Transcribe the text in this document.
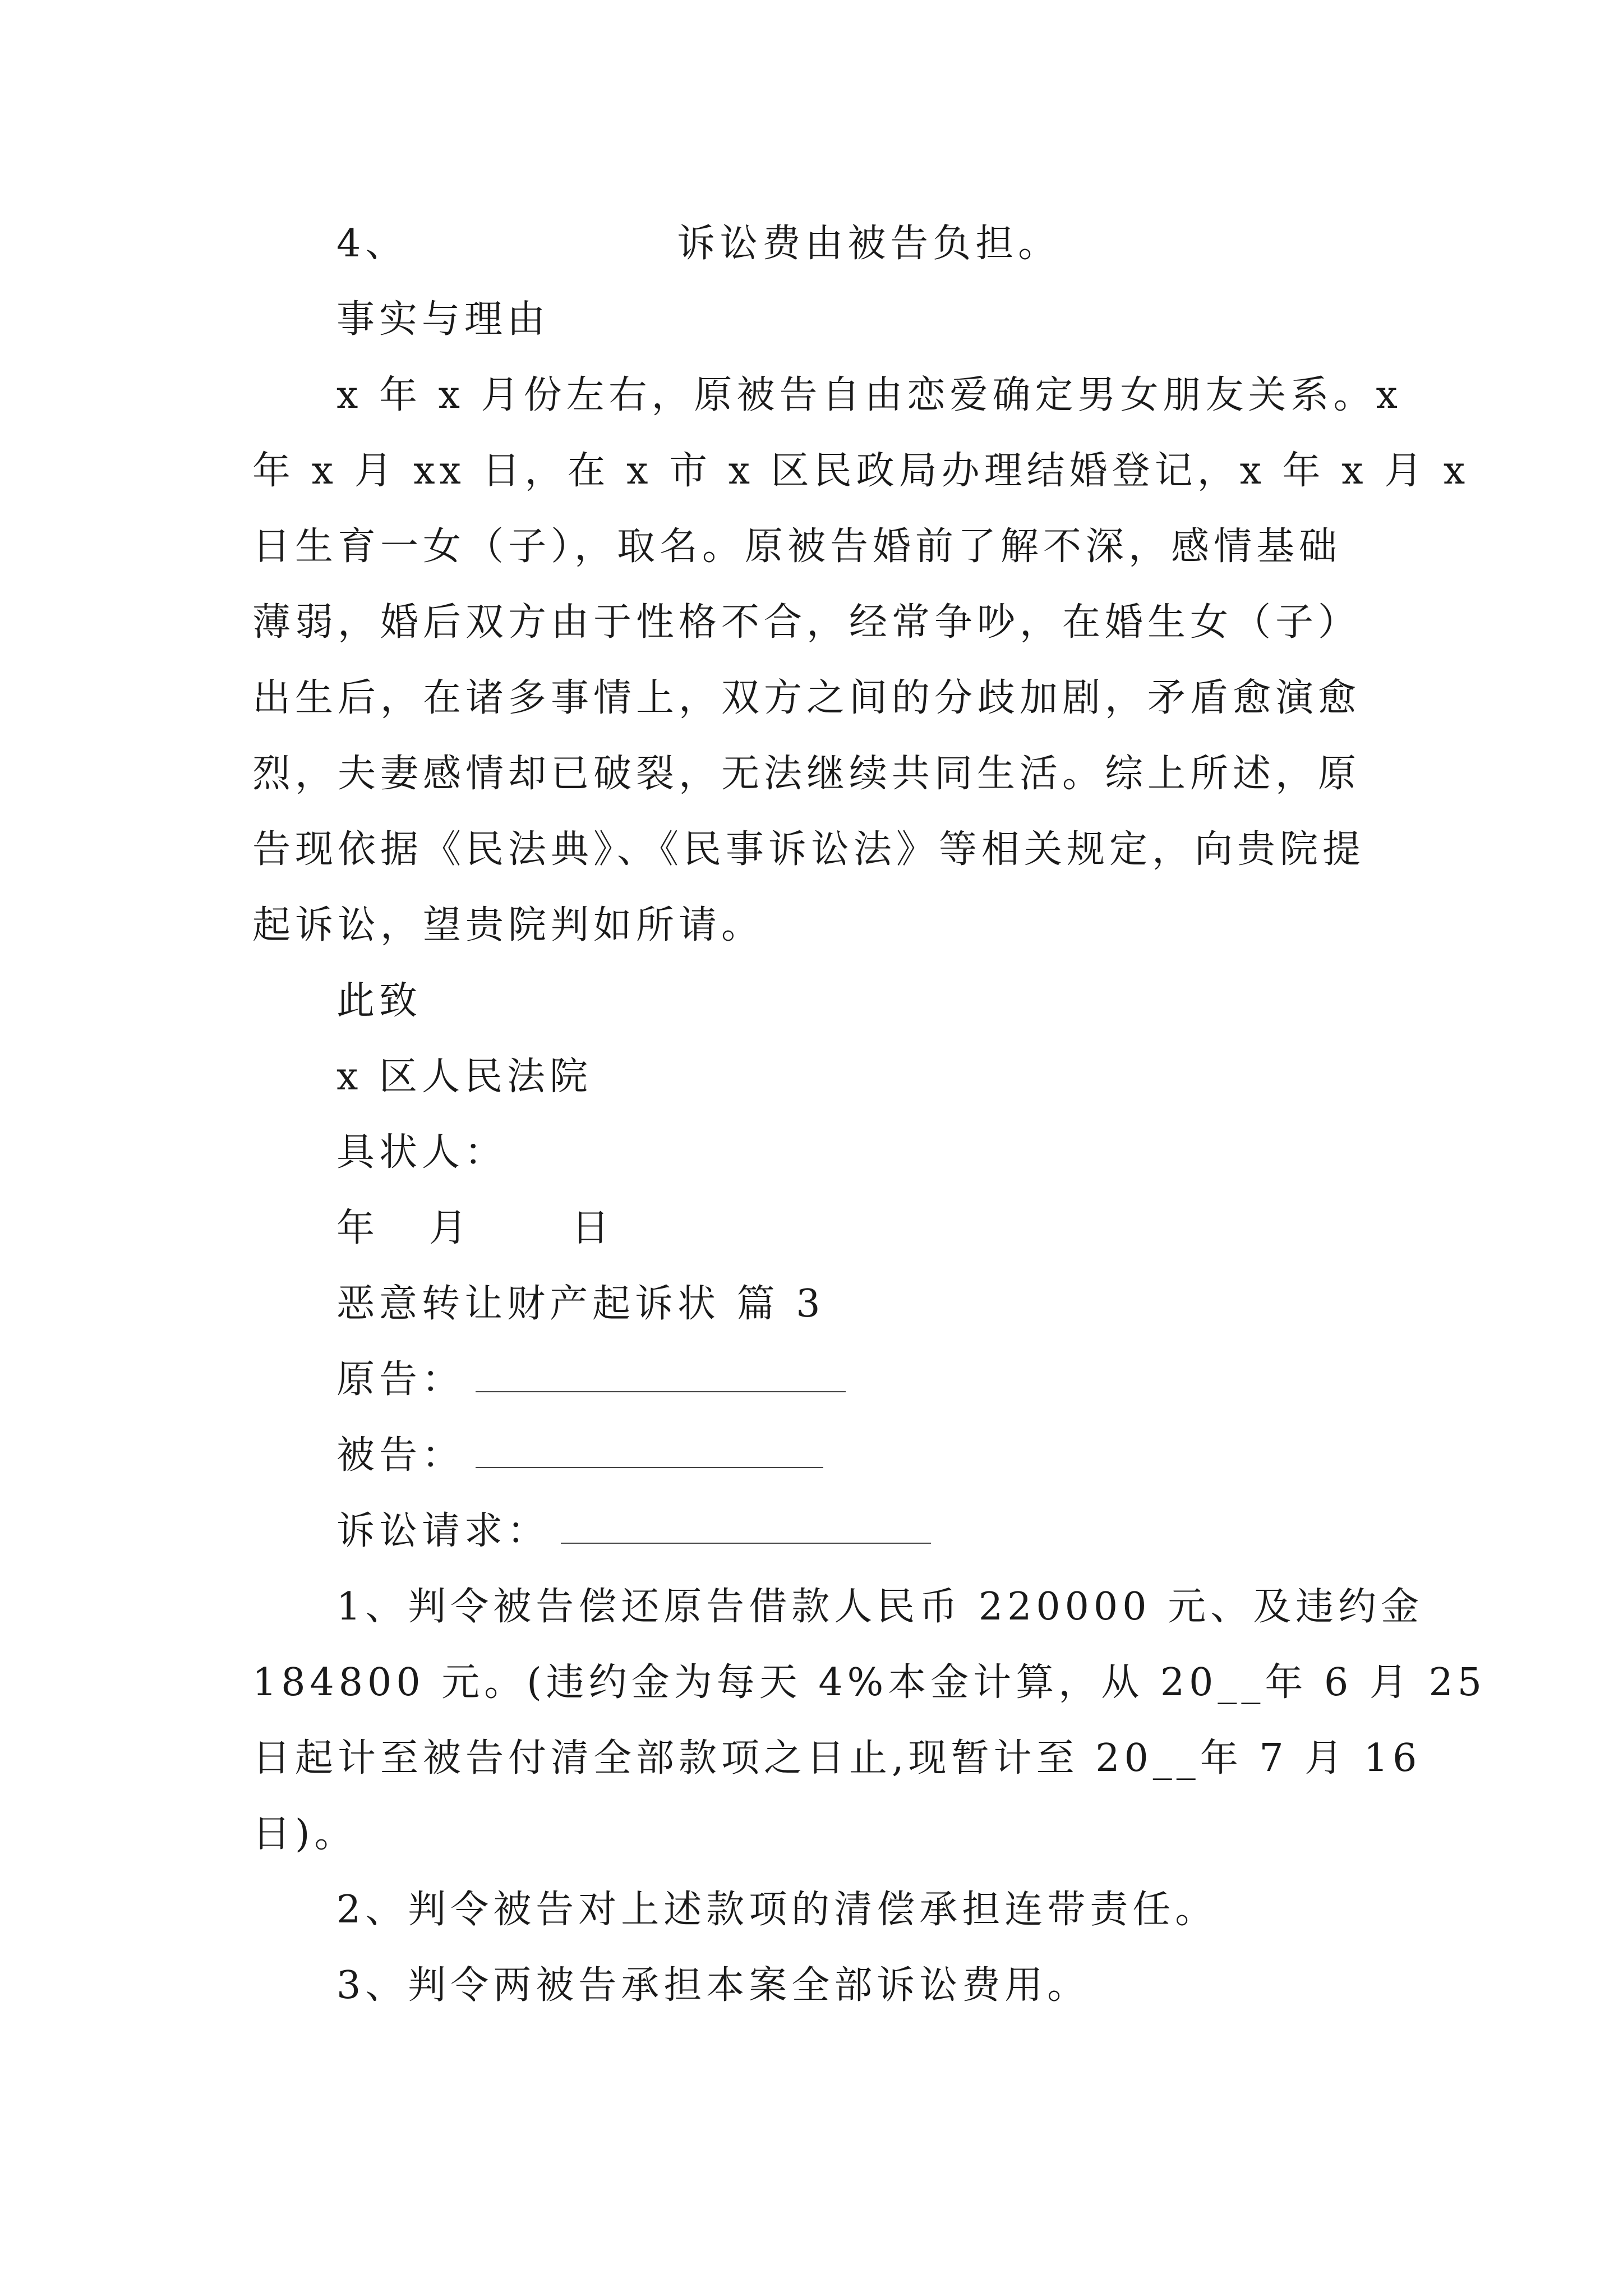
4、	诉讼费由被告负担。
事实与理由
x 年 x 月份左右，原被告自由恋爱确定男女朋友关系。x
年 x 月 xx 日，在 x 市 x 区民政局办理结婚登记，x 年 x 月 x
日生育一女（子），取名。原被告婚前了解不深，感情基础
薄弱，婚后双方由于性格不合，经常争吵，在婚生女（子）
出生后，在诸多事情上，双方之间的分歧加剧，矛盾愈演愈
烈，夫妻感情却已破裂，无法继续共同生活。综上所述，原
告现依据《民法典》、《民事诉讼法》等相关规定，向贵院提
起诉讼，望贵院判如所请。
此致
x 区人民法院
具状人：
年   月      日
恶意转让财产起诉状 篇 3
原告：
被告：
诉讼请求：
1、判令被告偿还原告借款人民币 220000 元、及违约金
184800 元。(违约金为每天 4%本金计算，从 20__年 6 月 25
日起计至被告付清全部款项之日止,现暂计至 20__年 7 月 16
日)。
2、判令被告对上述款项的清偿承担连带责任。
3、判令两被告承担本案全部诉讼费用。
